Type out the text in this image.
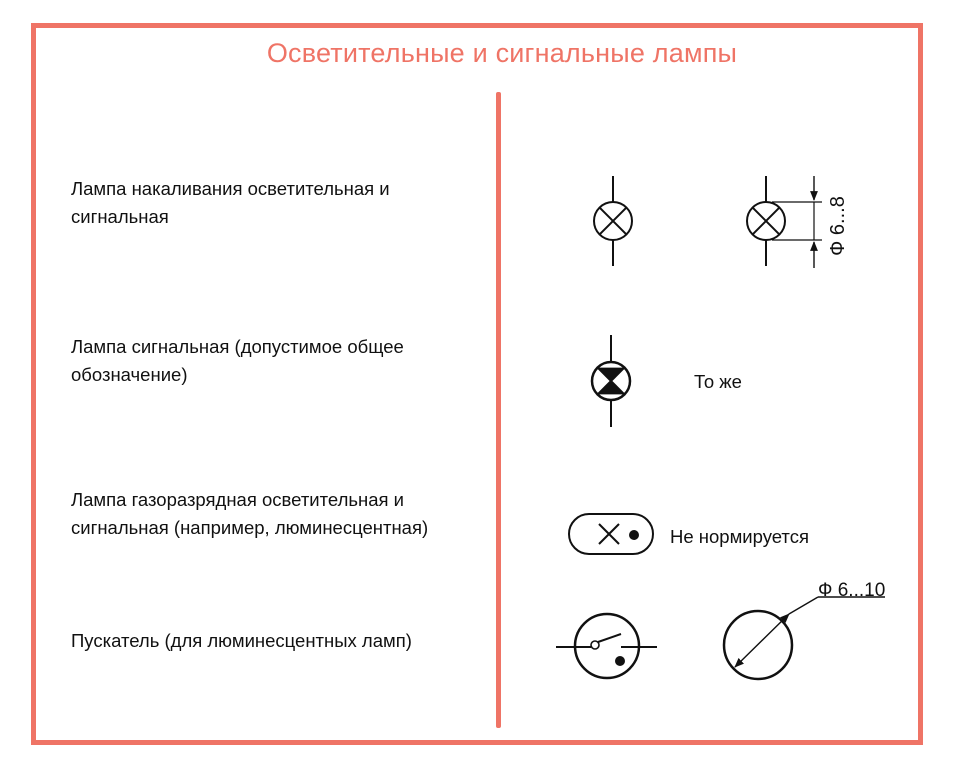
Осветительные и сигнальные лампы
Лампа накаливания осветительная и сигнальная
Лампа сигнальная (допустимое общее обозначение)
Лампа газоразрядная осветительная и сигнальная (например, люминесцентная)
Пускатель (для люминесцентных ламп)
То же
Не нормируется
Ф 6...10
Ф 6...8
